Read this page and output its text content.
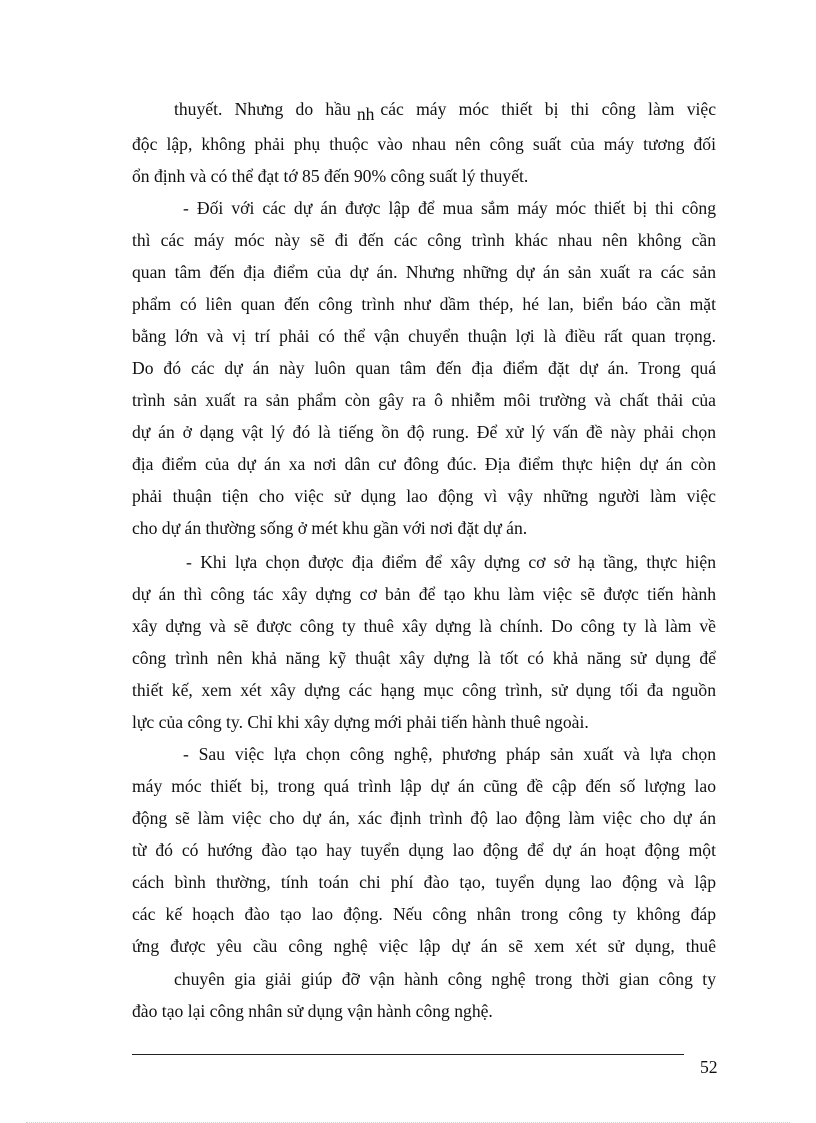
thuyết. Nhưng do hầu nh các máy móc thiết bị thi công làm việc
độc lập, không phải phụ thuộc vào nhau nên công suất của máy tương đối
ổn định và có thể đạt tớ 85 đến 90% công suất lý thuyết.
- Đối với các dự án được lập để mua sắm máy móc thiết bị thi công
thì các máy móc này sẽ đi đến các công trình khác nhau nên không cần
quan tâm đến địa điểm của dự án. Nhưng những dự án sản xuất ra các sản
phẩm có liên quan đến công trình như dầm thép, hé lan, biển báo cần mặt
bằng lớn và vị trí phải có thể vận chuyển thuận lợi là điều rất quan trọng.
Do đó các dự án này luôn quan tâm đến địa điểm đặt dự án. Trong quá
trình sản xuất ra sản phẩm còn gây ra ô nhiễm môi trường và chất thải của
dự án ở dạng vật lý đó là tiếng ồn độ rung. Để xử lý vấn đề này phải chọn
địa điểm của dự án xa nơi dân cư đông đúc. Địa điểm thực hiện dự án còn
phải thuận tiện cho việc sử dụng lao động vì vậy những người làm việc
cho dự án thường sống ở mét khu gần với nơi đặt dự án.
- Khi lựa chọn được địa điểm để xây dựng cơ sở hạ tầng, thực hiện
dự án thì công tác xây dựng cơ bản để tạo khu làm việc sẽ được tiến hành
xây dựng và sẽ được công ty thuê xây dựng là chính. Do công ty là làm về
công trình nên khả năng kỹ thuật xây dựng là tốt có khả năng sử dụng để
thiết kế, xem xét xây dựng các hạng mục công trình, sử dụng tối đa nguồn
lực của công ty. Chỉ khi xây dựng mới phải tiến hành thuê ngoài.
- Sau việc lựa chọn công nghệ, phương pháp sản xuất và lựa chọn
máy móc thiết bị, trong quá trình lập dự án cũng đề cập đến số lượng lao
động sẽ làm việc cho dự án, xác định trình độ lao động làm việc cho dự án
từ đó có hướng đào tạo hay tuyển dụng lao động để dự án hoạt động một
cách bình thường, tính toán chi phí đào tạo, tuyển dụng lao động và lập
các kế hoạch đào tạo lao động. Nếu công nhân trong công ty không đáp
ứng được yêu cầu công nghệ việc lập dự án sẽ xem xét sử dụng, thuê
chuyên gia giải giúp đỡ vận hành công nghệ trong thời gian công ty
đào tạo lại công nhân sử dụng vận hành công nghệ.
52
